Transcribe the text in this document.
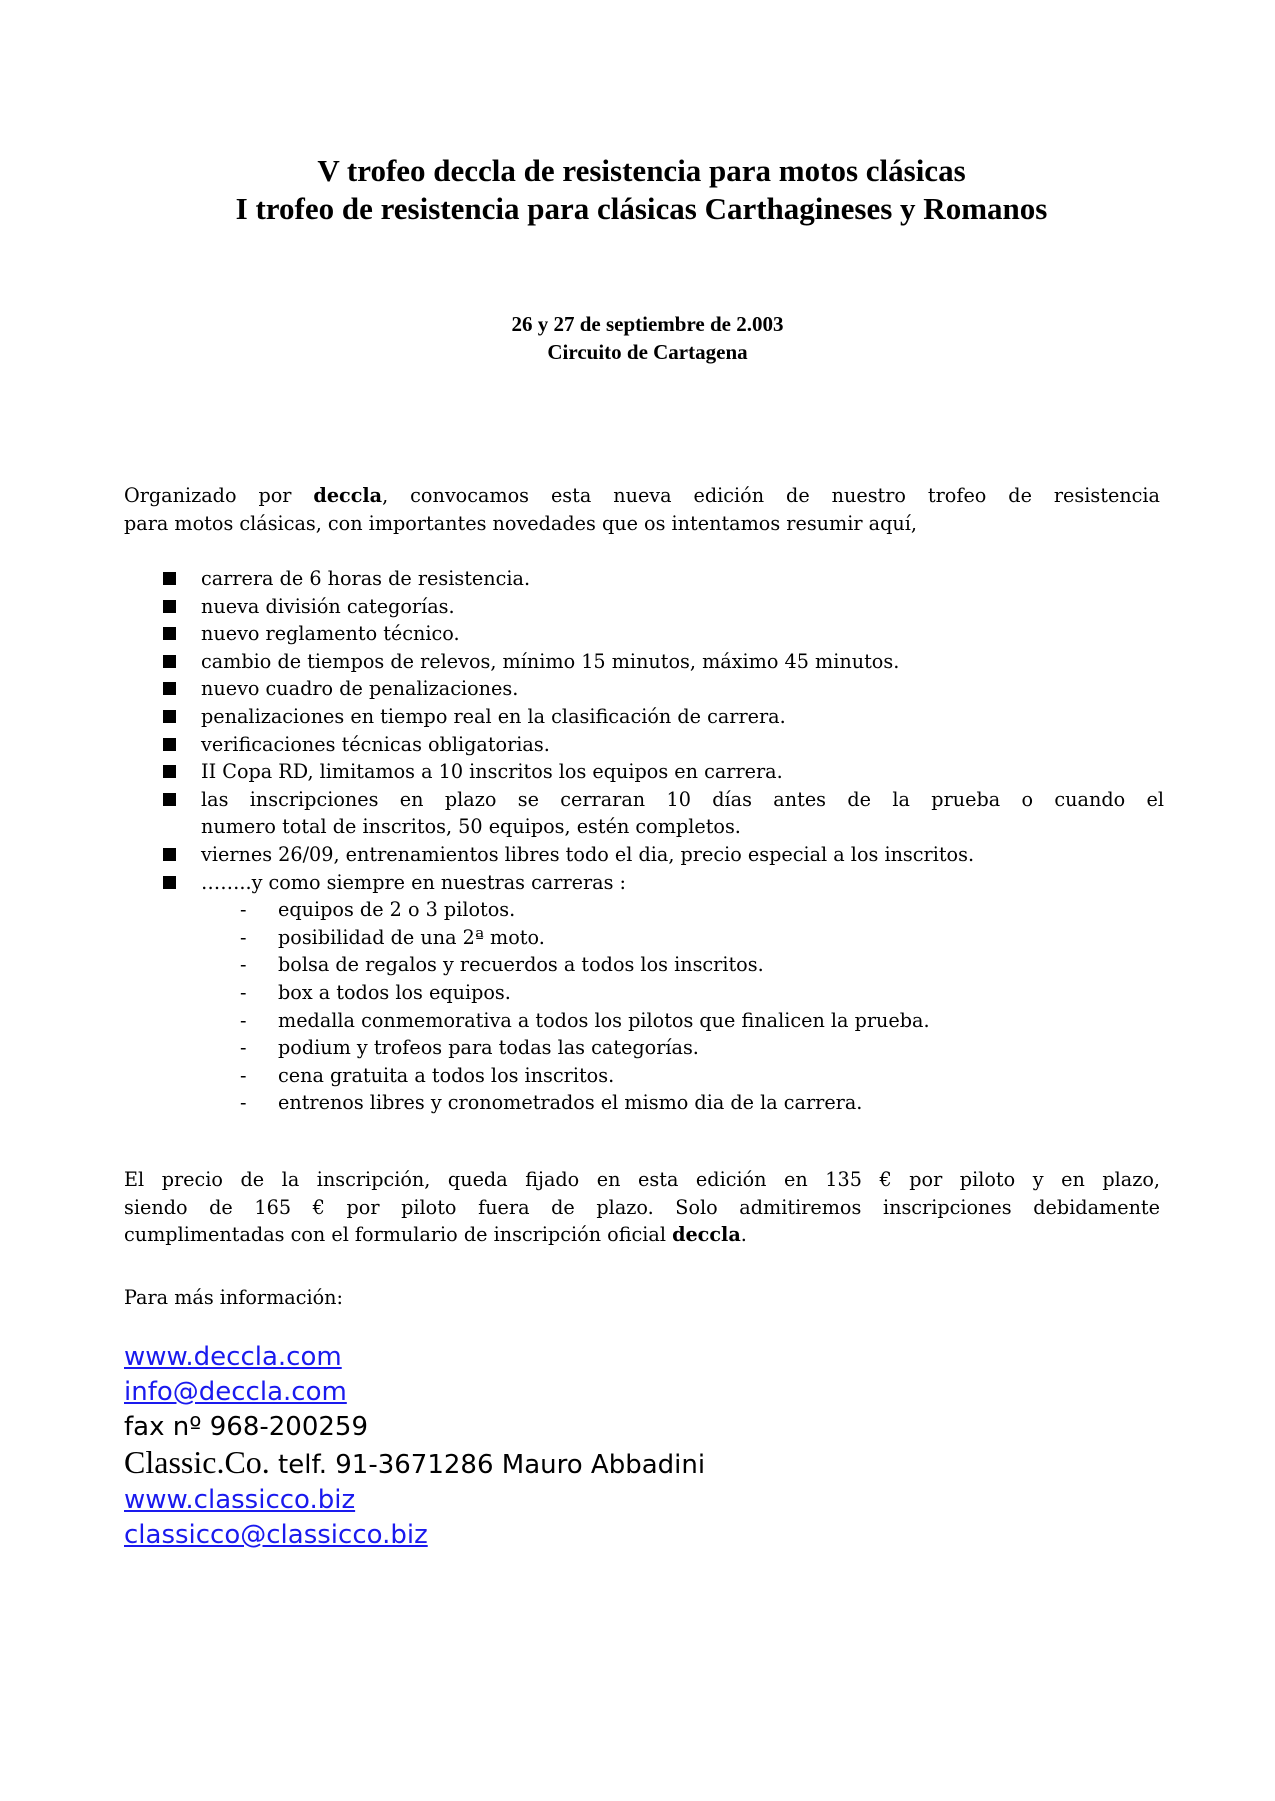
V trofeo deccla de resistencia para motos clásicas
I trofeo de resistencia para clásicas Carthagineses y Romanos
26 y 27 de septiembre de 2.003
Circuito de Cartagena
Organizado por deccla, convocamos esta nueva edición de nuestro trofeo de resistencia
para motos clásicas, con importantes novedades que os intentamos resumir aquí,
carrera de 6 horas de resistencia.
nueva división categorías.
nuevo reglamento técnico.
cambio de tiempos de relevos, mínimo 15 minutos, máximo 45 minutos.
nuevo cuadro de penalizaciones.
penalizaciones en tiempo real en la clasificación de carrera.
verificaciones técnicas obligatorias.
II Copa RD, limitamos a 10 inscritos los equipos en carrera.
las inscripciones en plazo se cerraran 10 días antes de la prueba o cuando el
numero total de inscritos, 50 equipos, estén completos.
viernes 26/09, entrenamientos libres todo el dia, precio especial a los inscritos.
……..y como siempre en nuestras carreras :
- equipos de 2 o 3 pilotos.
- posibilidad de una 2ª moto.
- bolsa de regalos y recuerdos a todos los inscritos.
- box a todos los equipos.
- medalla conmemorativa a todos los pilotos que finalicen la prueba.
- podium y trofeos para todas las categorías.
- cena gratuita a todos los inscritos.
- entrenos libres y cronometrados el mismo dia de la carrera.
El precio de la inscripción, queda fijado en esta edición en 135 € por piloto y en plazo,
siendo de 165 € por piloto fuera de plazo. Solo admitiremos inscripciones debidamente
cumplimentadas con el formulario de inscripción oficial deccla.
Para más información:
www.deccla.com
info@deccla.com
fax nº 968-200259
Classic.Co. telf. 91-3671286 Mauro Abbadini
www.classicco.biz
classicco@classicco.biz
